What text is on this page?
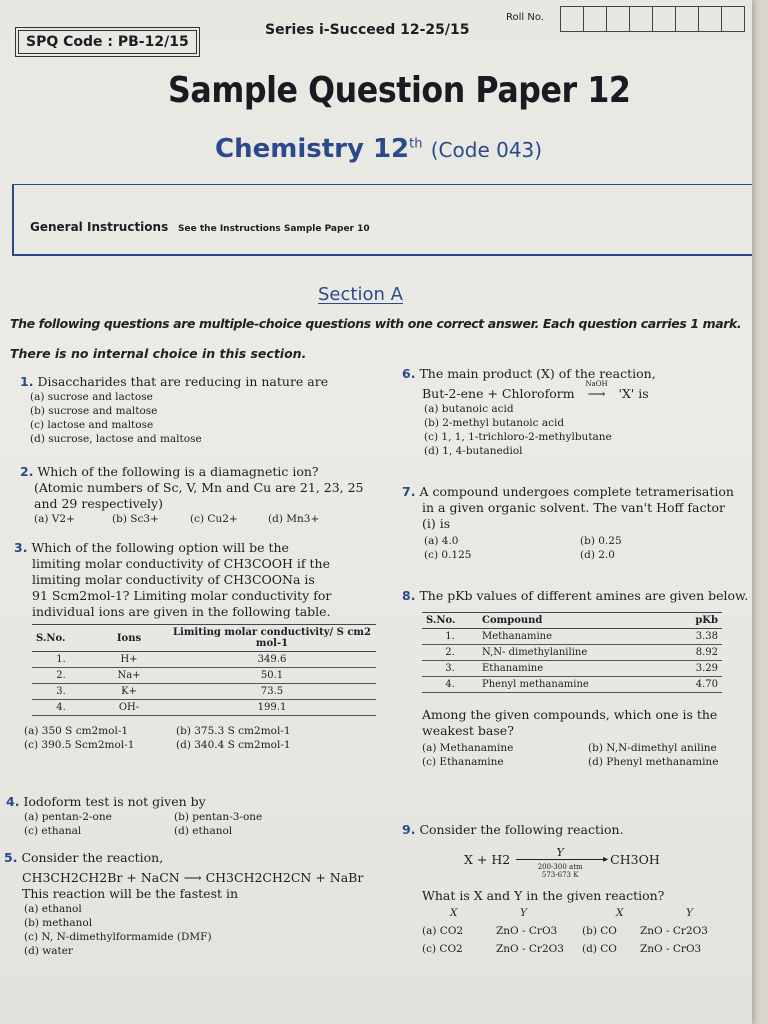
SPQ Code : PB-12/15
Series i-Succeed 12-25/15
Roll No.
Sample Question Paper 12
Chemistry 12th (Code 043)
General Instructions See the Instructions Sample Paper 10
Section A
The following questions are multiple-choice questions with one correct answer. Each question carries 1 mark.
There is no internal choice in this section.
1. Disaccharides that are reducing in nature are
(a) sucrose and lactose
(b) sucrose and maltose
(c) lactose and maltose
(d) sucrose, lactose and maltose
2. Which of the following is a diamagnetic ion?
(Atomic numbers of Sc, V, Mn and Cu are 21, 23, 25
and 29 respectively)
(a) V2+	(b) Sc3+	(c) Cu2+	(d) Mn3+
3. Which of the following option will be the
limiting molar conductivity of CH3COOH if the
limiting molar conductivity of CH3COONa is
91 Scm2mol-1? Limiting molar conductivity for
individual ions are given in the following table.
S.No.	Ions	Limiting molar conductivity/ S cm2 mol-1
1.	H+	349.6
2.	Na+	50.1
3.	K+	73.5
4.	OH-	199.1
(a) 350 S cm2mol-1	(b) 375.3 S cm2mol-1
(c) 390.5 Scm2mol-1	(d) 340.4 S cm2mol-1
4. Iodoform test is not given by
(a) pentan-2-one	(b) pentan-3-one
(c) ethanal	(d) ethanol
5. Consider the reaction,
CH3CH2CH2Br + NaCN ⟶ CH3CH2CH2CN + NaBr
This reaction will be the fastest in
(a) ethanol
(b) methanol
(c) N, N-dimethylformamide (DMF)
(d) water
6. The main product (X) of the reaction,
But-2-ene + Chloroform
NaOH
⟶ 'X' is
(a) butanoic acid
(b) 2-methyl butanoic acid
(c) 1, 1, 1-trichloro-2-methylbutane
(d) 1, 4-butanediol
7. A compound undergoes complete tetramerisation
in a given organic solvent. The van't Hoff factor
(i) is
(a) 4.0	(b) 0.25
(c) 0.125	(d) 2.0
8. The pKb values of different amines are given below.
S.No.	Compound	pKb
1.	Methanamine	3.38
2.	N,N- dimethylaniline	8.92
3.	Ethanamine	3.29
4.	Phenyl methanamine	4.70
Among the given compounds, which one is the
weakest base?
(a) Methanamine	(b) N,N-dimethyl aniline
(c) Ethanamine	(d) Phenyl methanamine
9. Consider the following reaction.
X + H2	Y
▸
200-300 atm
573-673 K
CH3OH
What is X and Y in the given reaction?
X	Y	X	Y
(a) CO2	ZnO - CrO3	(b) CO	ZnO - Cr2O3
(c) CO2	ZnO - Cr2O3	(d) CO	ZnO - CrO3
